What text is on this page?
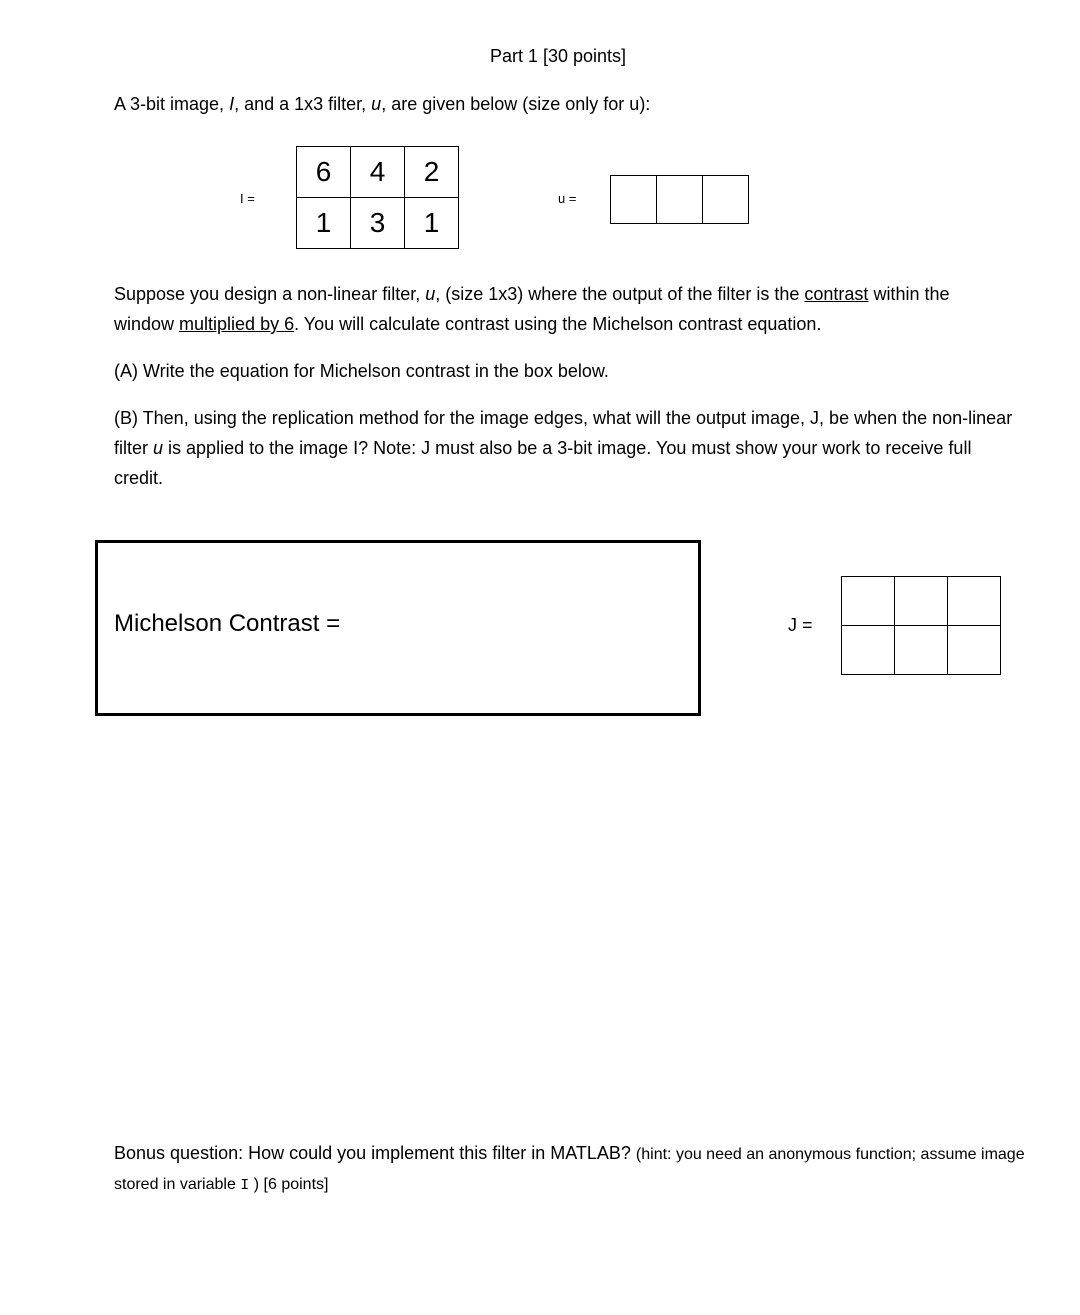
Part 1 [30 points]
A 3-bit image, I, and a 1x3 filter, u, are given below (size only for u):
I =
6	4	2
1	3	1
u =

Suppose you design a non-linear filter, u, (size 1x3) where the output of the filter is the contrast within the window multiplied by 6. You will calculate contrast using the Michelson contrast equation.

(A) Write the equation for Michelson contrast in the box below.
(B) Then, using the replication method for the image edges, what will the output image, J, be when the non-linear filter u is applied to the image I? Note: J must also be a 3-bit image. You must show your work to receive full credit.
Michelson Contrast =	J =

Bonus question: How could you implement this filter in MATLAB? (hint: you need an anonymous function; assume image stored in variable I ) [6 points]
